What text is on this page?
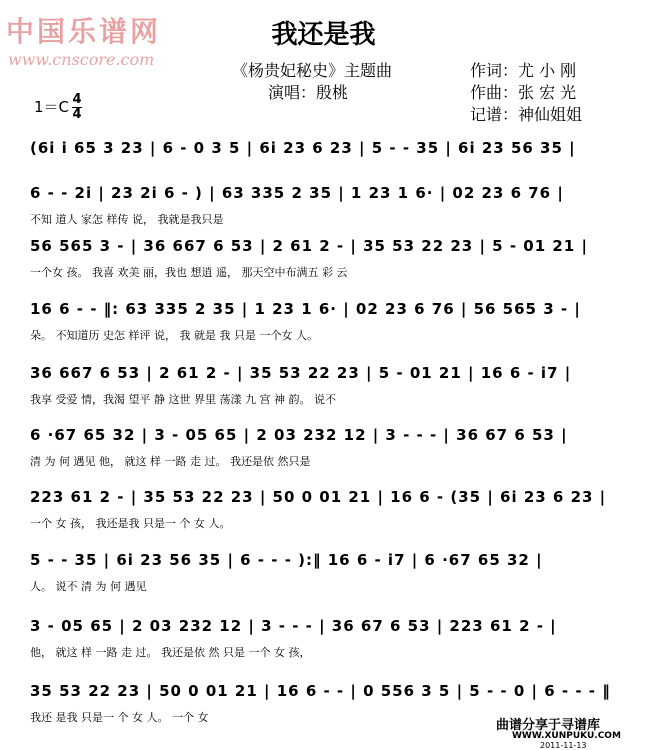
中国乐谱网
www.cnscore.com
我还是我
《杨贵妃秘史》主题曲
演唱：殷桃
作词：尤 小 刚
作曲：张 宏 光
记谱：神仙姐姐
1＝C 4
4
(6i i 65 3 23 | 6 - 0 3 5 | 6i 23 6 23 | 5 - - 35 | 6i 23 56 35 |
6 - - 2i | 23 2i 6 - ) | 63 335 2 35 | 1 23 1 6· | 02 23 6 76 |
不知 道人 家怎 样传 说， 我就是我只是
56 565 3 - | 36 667 6 53 | 2 61 2 - | 35 53 22 23 | 5 - 01 21 |
一个女 孩。 我喜 欢美 丽，我也 想逍 遥， 那天空中布满五 彩 云
16 6 - - ‖: 63 335 2 35 | 1 23 1 6· | 02 23 6 76 | 56 565 3 - |
朵。 不知道历 史怎 样评 说， 我 就是 我 只是 一个女 人。
36 667 6 53 | 2 61 2 - | 35 53 22 23 | 5 - 01 21 | 16 6 - i7 |
我享 受爱 情，我渴 望平 静 这世 界里 荡漾 九 宫 神 韵。 说不
6 ·67 65 32 | 3 - 05 65 | 2 03 232 12 | 3 - - - | 36 67 6 53 |
清 为 何 遇见 他， 就这 样 一路 走 过。 我还是依 然只是
223 61 2 - | 35 53 22 23 | 50 0 01 21 | 16 6 - (35 | 6i 23 6 23 |
一个 女 孩， 我还是我 只是一 个 女 人。
5 - - 35 | 6i 23 56 35 | 6 - - - ):‖ 16 6 - i7 | 6 ·67 65 32 |
人。 说不 清 为 何 遇见
3 - 05 65 | 2 03 232 12 | 3 - - - | 36 67 6 53 | 223 61 2 - |
他， 就这 样 一路 走 过。 我还是依 然 只是 一个 女 孩，
35 53 22 23 | 50 0 01 21 | 16 6 - - | 0 556 3 5 | 5 - - 0 | 6 - - - ‖
我还 是我 只是一 个 女 人。 一个 女
曲谱分享于寻谱库
WWW.XUNPUKU.COM
2011-11-13
